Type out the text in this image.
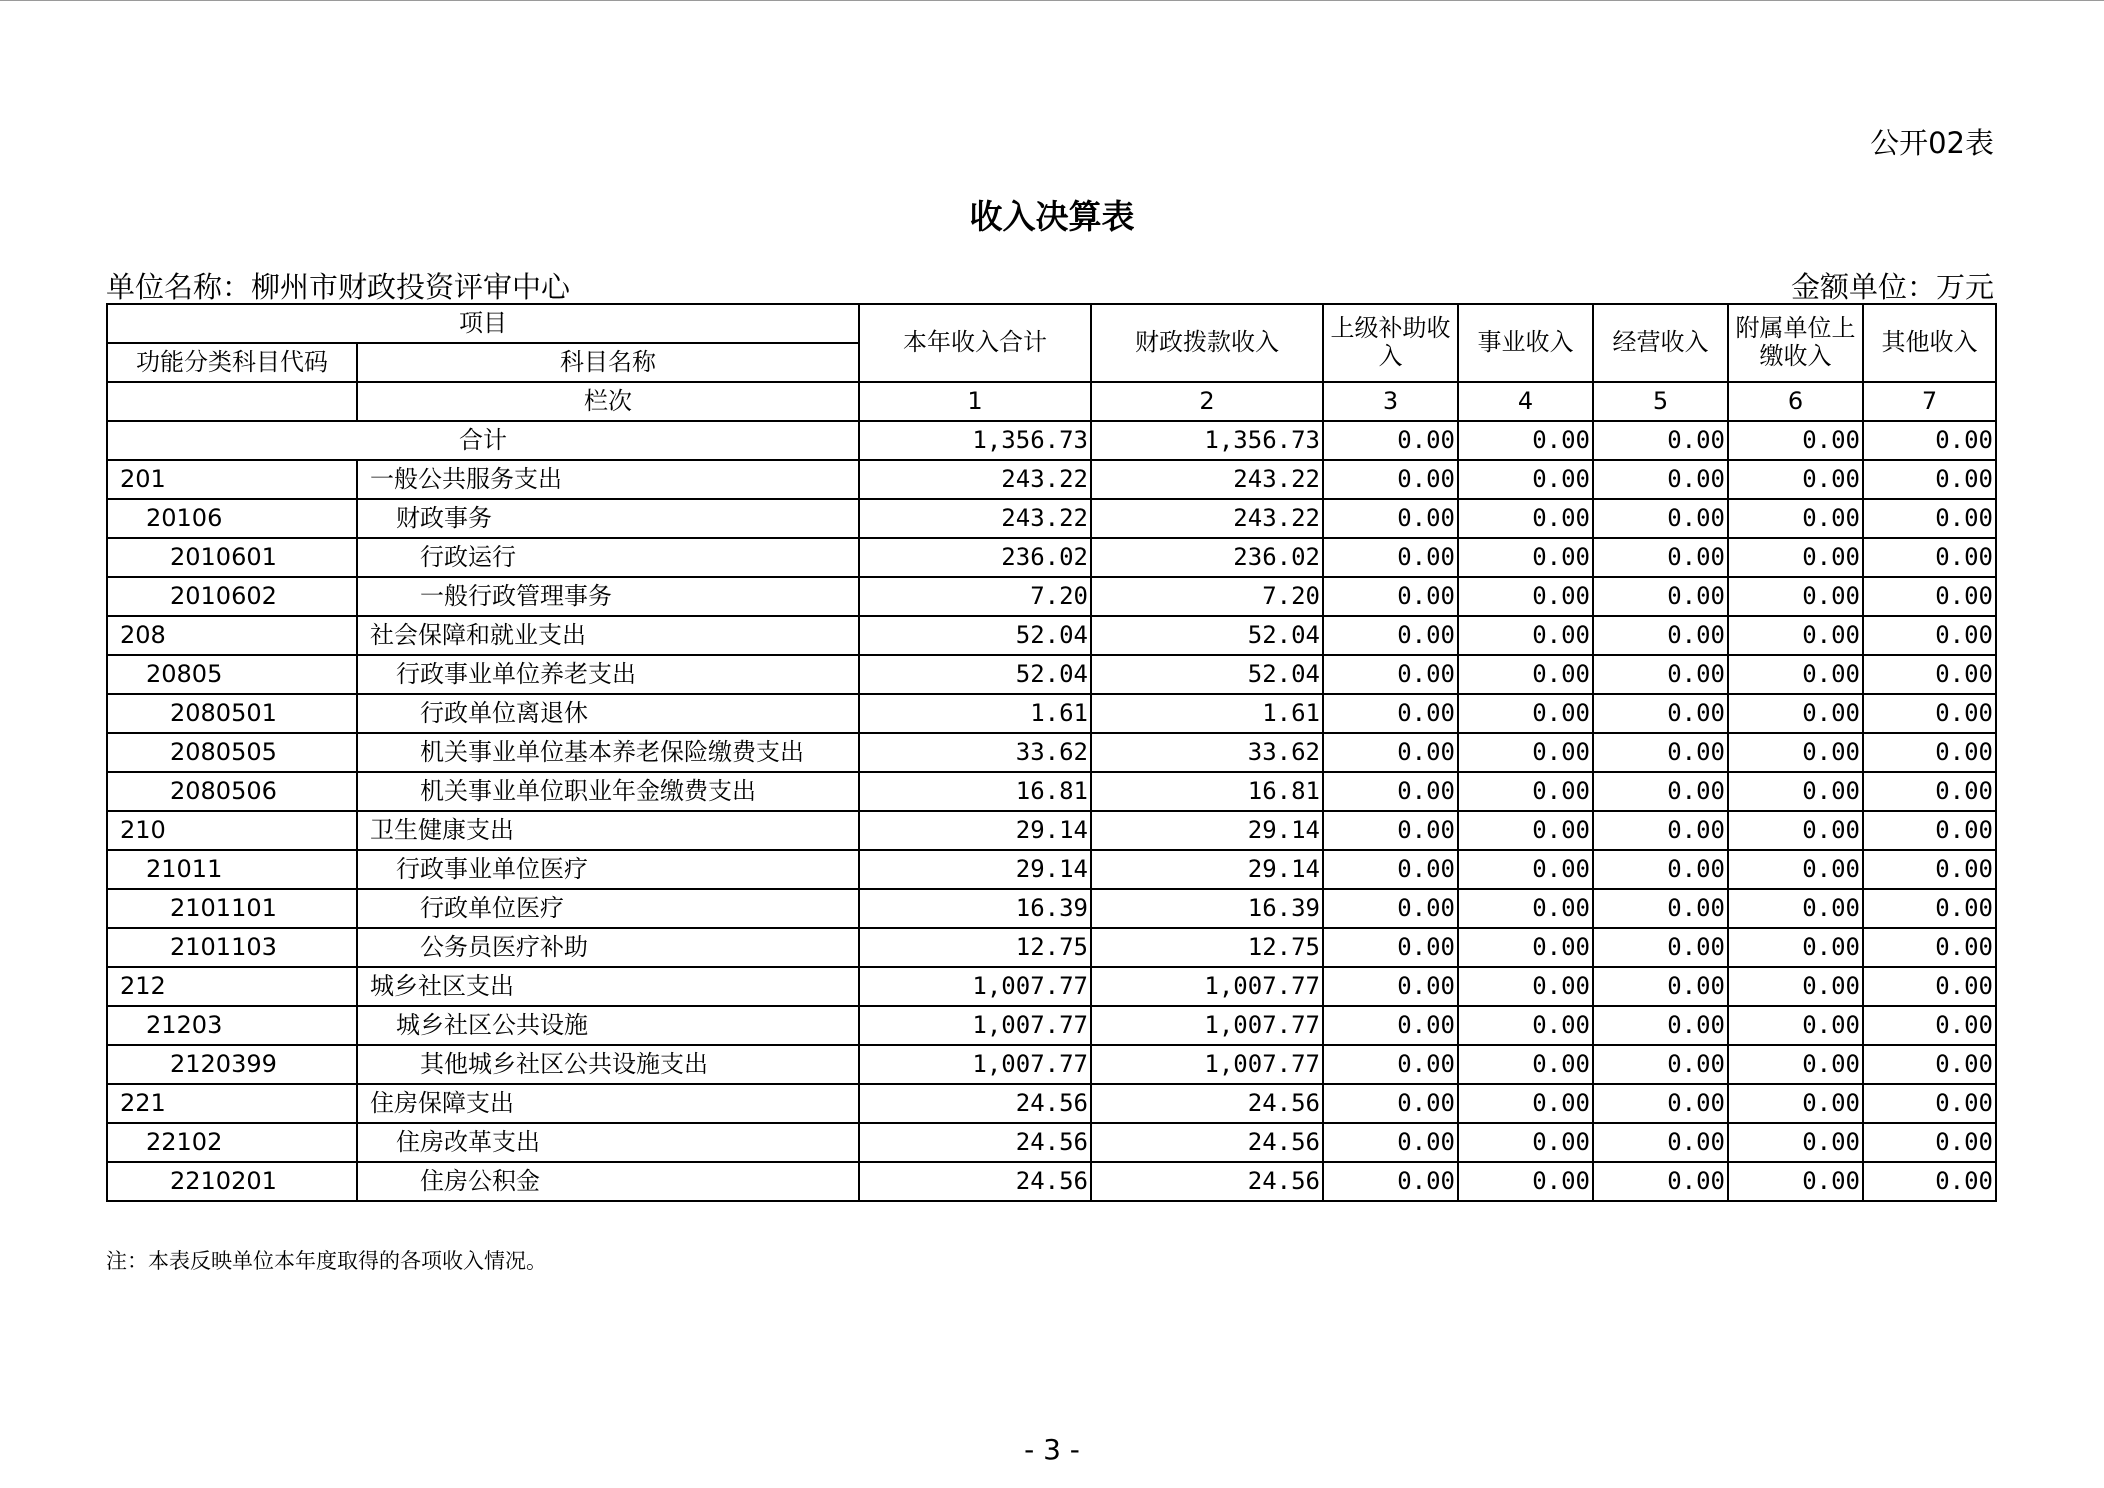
公开02表
收入决算表
单位名称：柳州市财政投资评审中心	金额单位：万元
项目		本年收入合计	财政拨款收入	上级补助收入	事业收入	经营收入	附属单位上缴收入	其他收入
功能分类科目代码	科目名称							
	栏次	1	2	3	4	5	6	7
合计		1,356.73	1,356.73	0.00	0.00	0.00	0.00	0.00
201	一般公共服务支出	243.22	243.22	0.00	0.00	0.00	0.00	0.00
20106	财政事务	243.22	243.22	0.00	0.00	0.00	0.00	0.00
2010601	行政运行	236.02	236.02	0.00	0.00	0.00	0.00	0.00
2010602	一般行政管理事务	7.20	7.20	0.00	0.00	0.00	0.00	0.00
208	社会保障和就业支出	52.04	52.04	0.00	0.00	0.00	0.00	0.00
20805	行政事业单位养老支出	52.04	52.04	0.00	0.00	0.00	0.00	0.00
2080501	行政单位离退休	1.61	1.61	0.00	0.00	0.00	0.00	0.00
2080505	机关事业单位基本养老保险缴费支出	33.62	33.62	0.00	0.00	0.00	0.00	0.00
2080506	机关事业单位职业年金缴费支出	16.81	16.81	0.00	0.00	0.00	0.00	0.00
210	卫生健康支出	29.14	29.14	0.00	0.00	0.00	0.00	0.00
21011	行政事业单位医疗	29.14	29.14	0.00	0.00	0.00	0.00	0.00
2101101	行政单位医疗	16.39	16.39	0.00	0.00	0.00	0.00	0.00
2101103	公务员医疗补助	12.75	12.75	0.00	0.00	0.00	0.00	0.00
212	城乡社区支出	1,007.77	1,007.77	0.00	0.00	0.00	0.00	0.00
21203	城乡社区公共设施	1,007.77	1,007.77	0.00	0.00	0.00	0.00	0.00
2120399	其他城乡社区公共设施支出	1,007.77	1,007.77	0.00	0.00	0.00	0.00	0.00
221	住房保障支出	24.56	24.56	0.00	0.00	0.00	0.00	0.00
22102	住房改革支出	24.56	24.56	0.00	0.00	0.00	0.00	0.00
2210201	住房公积金	24.56	24.56	0.00	0.00	0.00	0.00	0.00
注：本表反映单位本年度取得的各项收入情况。
- 3 -
